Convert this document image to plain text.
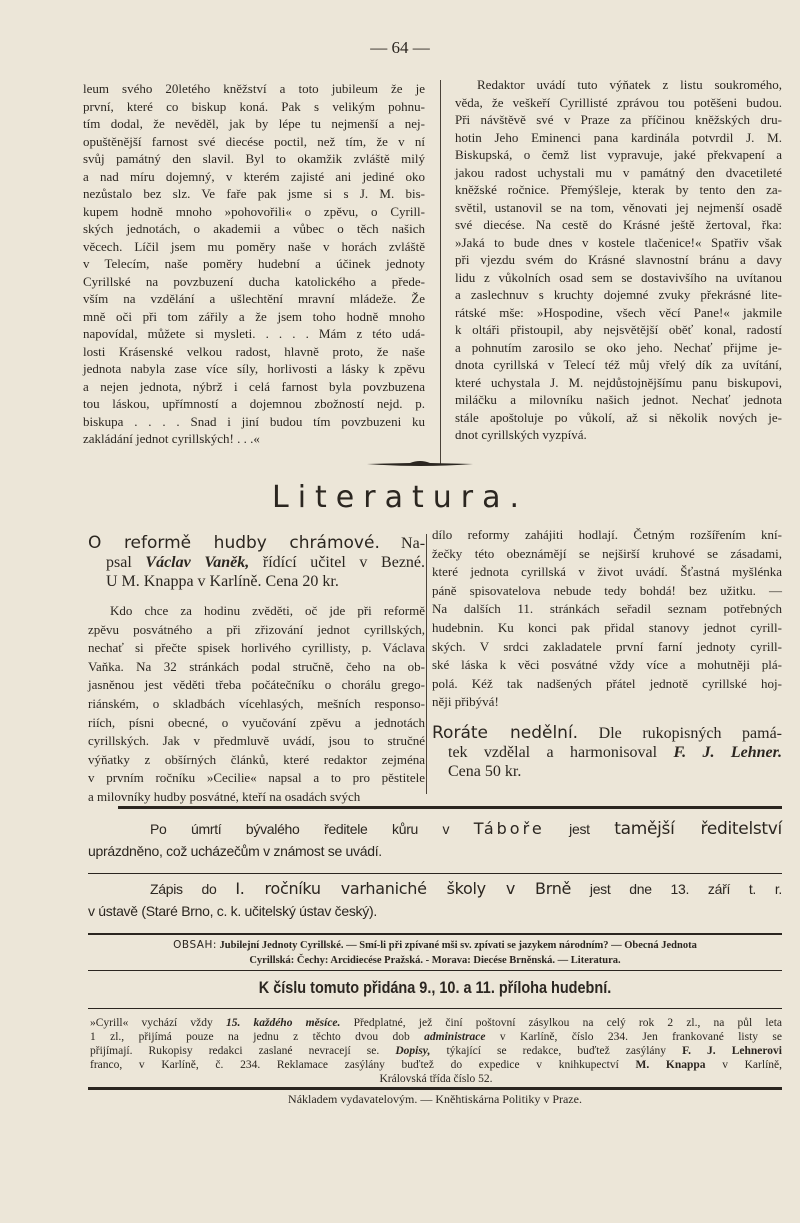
— 64 —
leum svého 20letého kněžství a toto jubileum že je
první, které co biskup koná. Pak s velikým pohnu-
tím dodal, že nevěděl, jak by lépe tu nejmenší a nej-
opuštěnější farnost své diecése poctil, než tím, že v ní
svůj památný den slavil. Byl to okamžik zvláště milý
a nad míru dojemný, v kterém zajisté ani jediné oko
nezůstalo bez slz. Ve faře pak jsme si s J. M. bis-
kupem hodně mnoho »pohovořili« o zpěvu, o Cyrill-
ských jednotách, o akademii a vůbec o těch našich
věcech. Líčil jsem mu poměry naše v horách zvláště
v Telecím, naše poměry hudební a účinek jednoty
Cyrillské na povzbuzení ducha katolického a přede-
vším na vzdělání a ušlechtění mravní mládeže. Že
mně oči při tom zářily a že jsem toho hodně mnoho
napovídal, můžete si mysleti. . . . . Mám z této udá-
losti Krásenské velkou radost, hlavně proto, že naše
jednota nabyla zase více síly, horlivosti a lásky k zpěvu
a nejen jednota, nýbrž i celá farnost byla povzbuzena
tou láskou, upřímností a dojemnou zbožností nejd. p.
biskupa . . . . Snad i jiní budou tím povzbuzeni ku
zakládání jednot cyrillských! . . .«
Redaktor uvádí tuto výňatek z listu soukromého,
věda, že veškeří Cyrillisté zprávou tou potěšeni budou.
Při návštěvě své v Praze za příčinou kněžských dru-
hotin Jeho Eminenci pana kardinála potvrdil J. M.
Biskupská, o čemž list vypravuje, jaké překvapení a
jakou radost uchystali mu v památný den dvacetileté
kněžské ročnice. Přemýšleje, kterak by tento den za-
světil, ustanovil se na tom, věnovati jej nejmenší osadě
své diecése. Na cestě do Krásné ještě žertoval, řka:
»Jaká to bude dnes v kostele tlačenice!« Spatřiv však
při vjezdu svém do Krásné slavnostní bránu a davy
lidu z vůkolních osad sem se dostavivšího na uvítanou
a zaslechnuv s kruchty dojemné zvuky překrásné lite-
rátské mše: »Hospodine, všech věcí Pane!« jakmile
k oltáři přistoupil, aby nejsvětější oběť konal, radostí
a pohnutím zarosilo se oko jeho. Nechať přijme je-
dnota cyrillská v Telecí též můj vřelý dík za uvítání,
které uchystala J. M. nejdůstojnějšímu panu biskupovi,
miláčku a milovníku našich jednot. Nechať jednota
stále apoštoluje po vůkolí, až si několik nových je-
dnot cyrillských vyzpívá.
Literatura.
O reformě hudby chrámové. Na-
psal Václav Vaněk, řídící učitel v Bezné.
U M. Knappa v Karlíně. Cena 20 kr.
Kdo chce za hodinu zvěděti, oč jde při reformě
zpěvu posvátného a při zřizování jednot cyrillských,
nechať si přečte spisek horlivého cyrillisty, p. Václava
Vaňka. Na 32 stránkách podal stručně, čeho na ob-
jasněnou jest věděti třeba počátečníku o chorálu grego-
riánském, o skladbách vícehlasých, mešních responso-
riích, písni obecné, o vyučování zpěvu a jednotách
cyrillských. Jak v předmluvě uvádí, jsou to stručné
výňatky z obšírných článků, které redaktor zejména
v prvním ročníku »Cecilie« napsal a to pro pěstitele
a milovníky hudby posvátné, kteří na osadách svých
dílo reformy zahájiti hodlají. Četným rozšířením kní-
žečky této obeznámějí se nejširší kruhové se zásadami,
které jednota cyrillská v život uvádí. Šťastná myšlénka
páně spisovatelova nebude tedy bohdá! bez užitku. —
Na dalších 11. stránkách seřadil seznam potřebných
hudebnin. Ku konci pak přidal stanovy jednot cyrill-
ských. V srdci zakladatele první farní jednoty cyrill-
ské láska k věci posvátné vždy více a mohutněji plá-
polá. Kéž tak nadšených přátel jednotě cyrillské hoj-
něji přibývá!
Roráte nedělní. Dle rukopisných pamá-
tek vzdělal a harmonisoval F. J. Lehner.
Cena 50 kr.
Po úmrtí bývalého ředitele kůru v Táboře jest tamější ředitelství
uprázdněno, což ucházečům v známost se uvádí.
Zápis do I. ročníku varhaniché školy v Brně jest dne 13. září t. r.
v ústavě (Staré Brno, c. k. učitelský ústav český).
OBSAH: Jubilejní Jednoty Cyrillské. — Smí-li při zpívané mši sv. zpívati se jazykem národním? — Obecná Jednota
Cyrillská: Čechy: Arcidiecése Pražská. - Morava: Diecése Brněnská. — Literatura.
K číslu tomuto přidána 9., 10. a 11. příloha hudební.
»Cyrill« vychází vždy 15. každého měsíce. Předplatné, jež činí poštovní zásylkou na celý rok 2 zl., na půl leta
1 zl., přijímá pouze na jednu z těchto dvou dob administrace v Karlíně, číslo 234. Jen frankované listy se
přijímají. Rukopisy redakci zaslané nevracejí se. Dopisy, týkající se redakce, buďtež zasýlány F. J. Lehnerovi
franco, v Karlíně, č. 234. Reklamace zasýlány buďtež do expedice v knihkupectví M. Knappa v Karlíně,
Královská třída číslo 52.
Nákladem vydavatelovým. — Kněhtiskárna Politiky v Praze.
